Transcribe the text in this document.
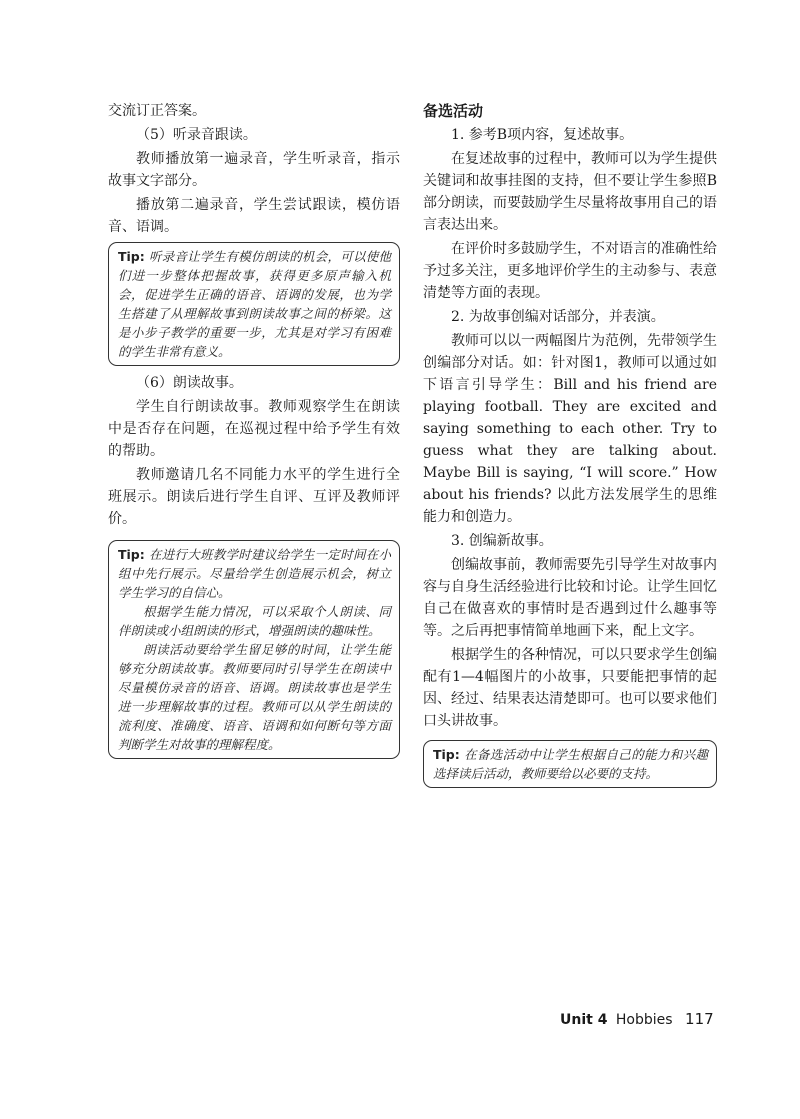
交流订正答案。

（5）听录音跟读。

教师播放第一遍录音，学生听录音，指示故事文字部分。

播放第二遍录音，学生尝试跟读，模仿语音、语调。

Tip: 听录音让学生有模仿朗读的机会，可以使他们进一步整体把握故事，获得更多原声输入机会，促进学生正确的语音、语调的发展，也为学生搭建了从理解故事到朗读故事之间的桥梁。这是小步子教学的重要一步，尤其是对学习有困难的学生非常有意义。

（6）朗读故事。

学生自行朗读故事。教师观察学生在朗读中是否存在问题，在巡视过程中给予学生有效的帮助。

教师邀请几名不同能力水平的学生进行全班展示。朗读后进行学生自评、互评及教师评价。

Tip: 在进行大班教学时建议给学生一定时间在小组中先行展示。尽量给学生创造展示机会，树立学生学习的自信心。

根据学生能力情况，可以采取个人朗读、同伴朗读或小组朗读的形式，增强朗读的趣味性。

朗读活动要给学生留足够的时间，让学生能够充分朗读故事。教师要同时引导学生在朗读中尽量模仿录音的语音、语调。朗读故事也是学生进一步理解故事的过程。教师可以从学生朗读的流利度、准确度、语音、语调和如何断句等方面判断学生对故事的理解程度。

备选活动

1. 参考B项内容，复述故事。

在复述故事的过程中，教师可以为学生提供关键词和故事挂图的支持，但不要让学生参照B部分朗读，而要鼓励学生尽量将故事用自己的语言表达出来。

在评价时多鼓励学生，不对语言的准确性给予过多关注，更多地评价学生的主动参与、表意清楚等方面的表现。

2. 为故事创编对话部分，并表演。

教师可以以一两幅图片为范例，先带领学生创编部分对话。如：针对图1，教师可以通过如下语言引导学生：Bill and his friend are playing football. They are excited and saying something to each other. Try to guess what they are talking about. Maybe Bill is saying, “I will score.” How about his friends? 以此方法发展学生的思维能力和创造力。

3. 创编新故事。

创编故事前，教师需要先引导学生对故事内容与自身生活经验进行比较和讨论。让学生回忆自己在做喜欢的事情时是否遇到过什么趣事等等。之后再把事情简单地画下来，配上文字。

根据学生的各种情况，可以只要求学生创编配有1—4幅图片的小故事，只要能把事情的起因、经过、结果表达清楚即可。也可以要求他们口头讲故事。

Tip: 在备选活动中让学生根据自己的能力和兴趣选择读后活动，教师要给以必要的支持。

Unit 4 Hobbies 117
